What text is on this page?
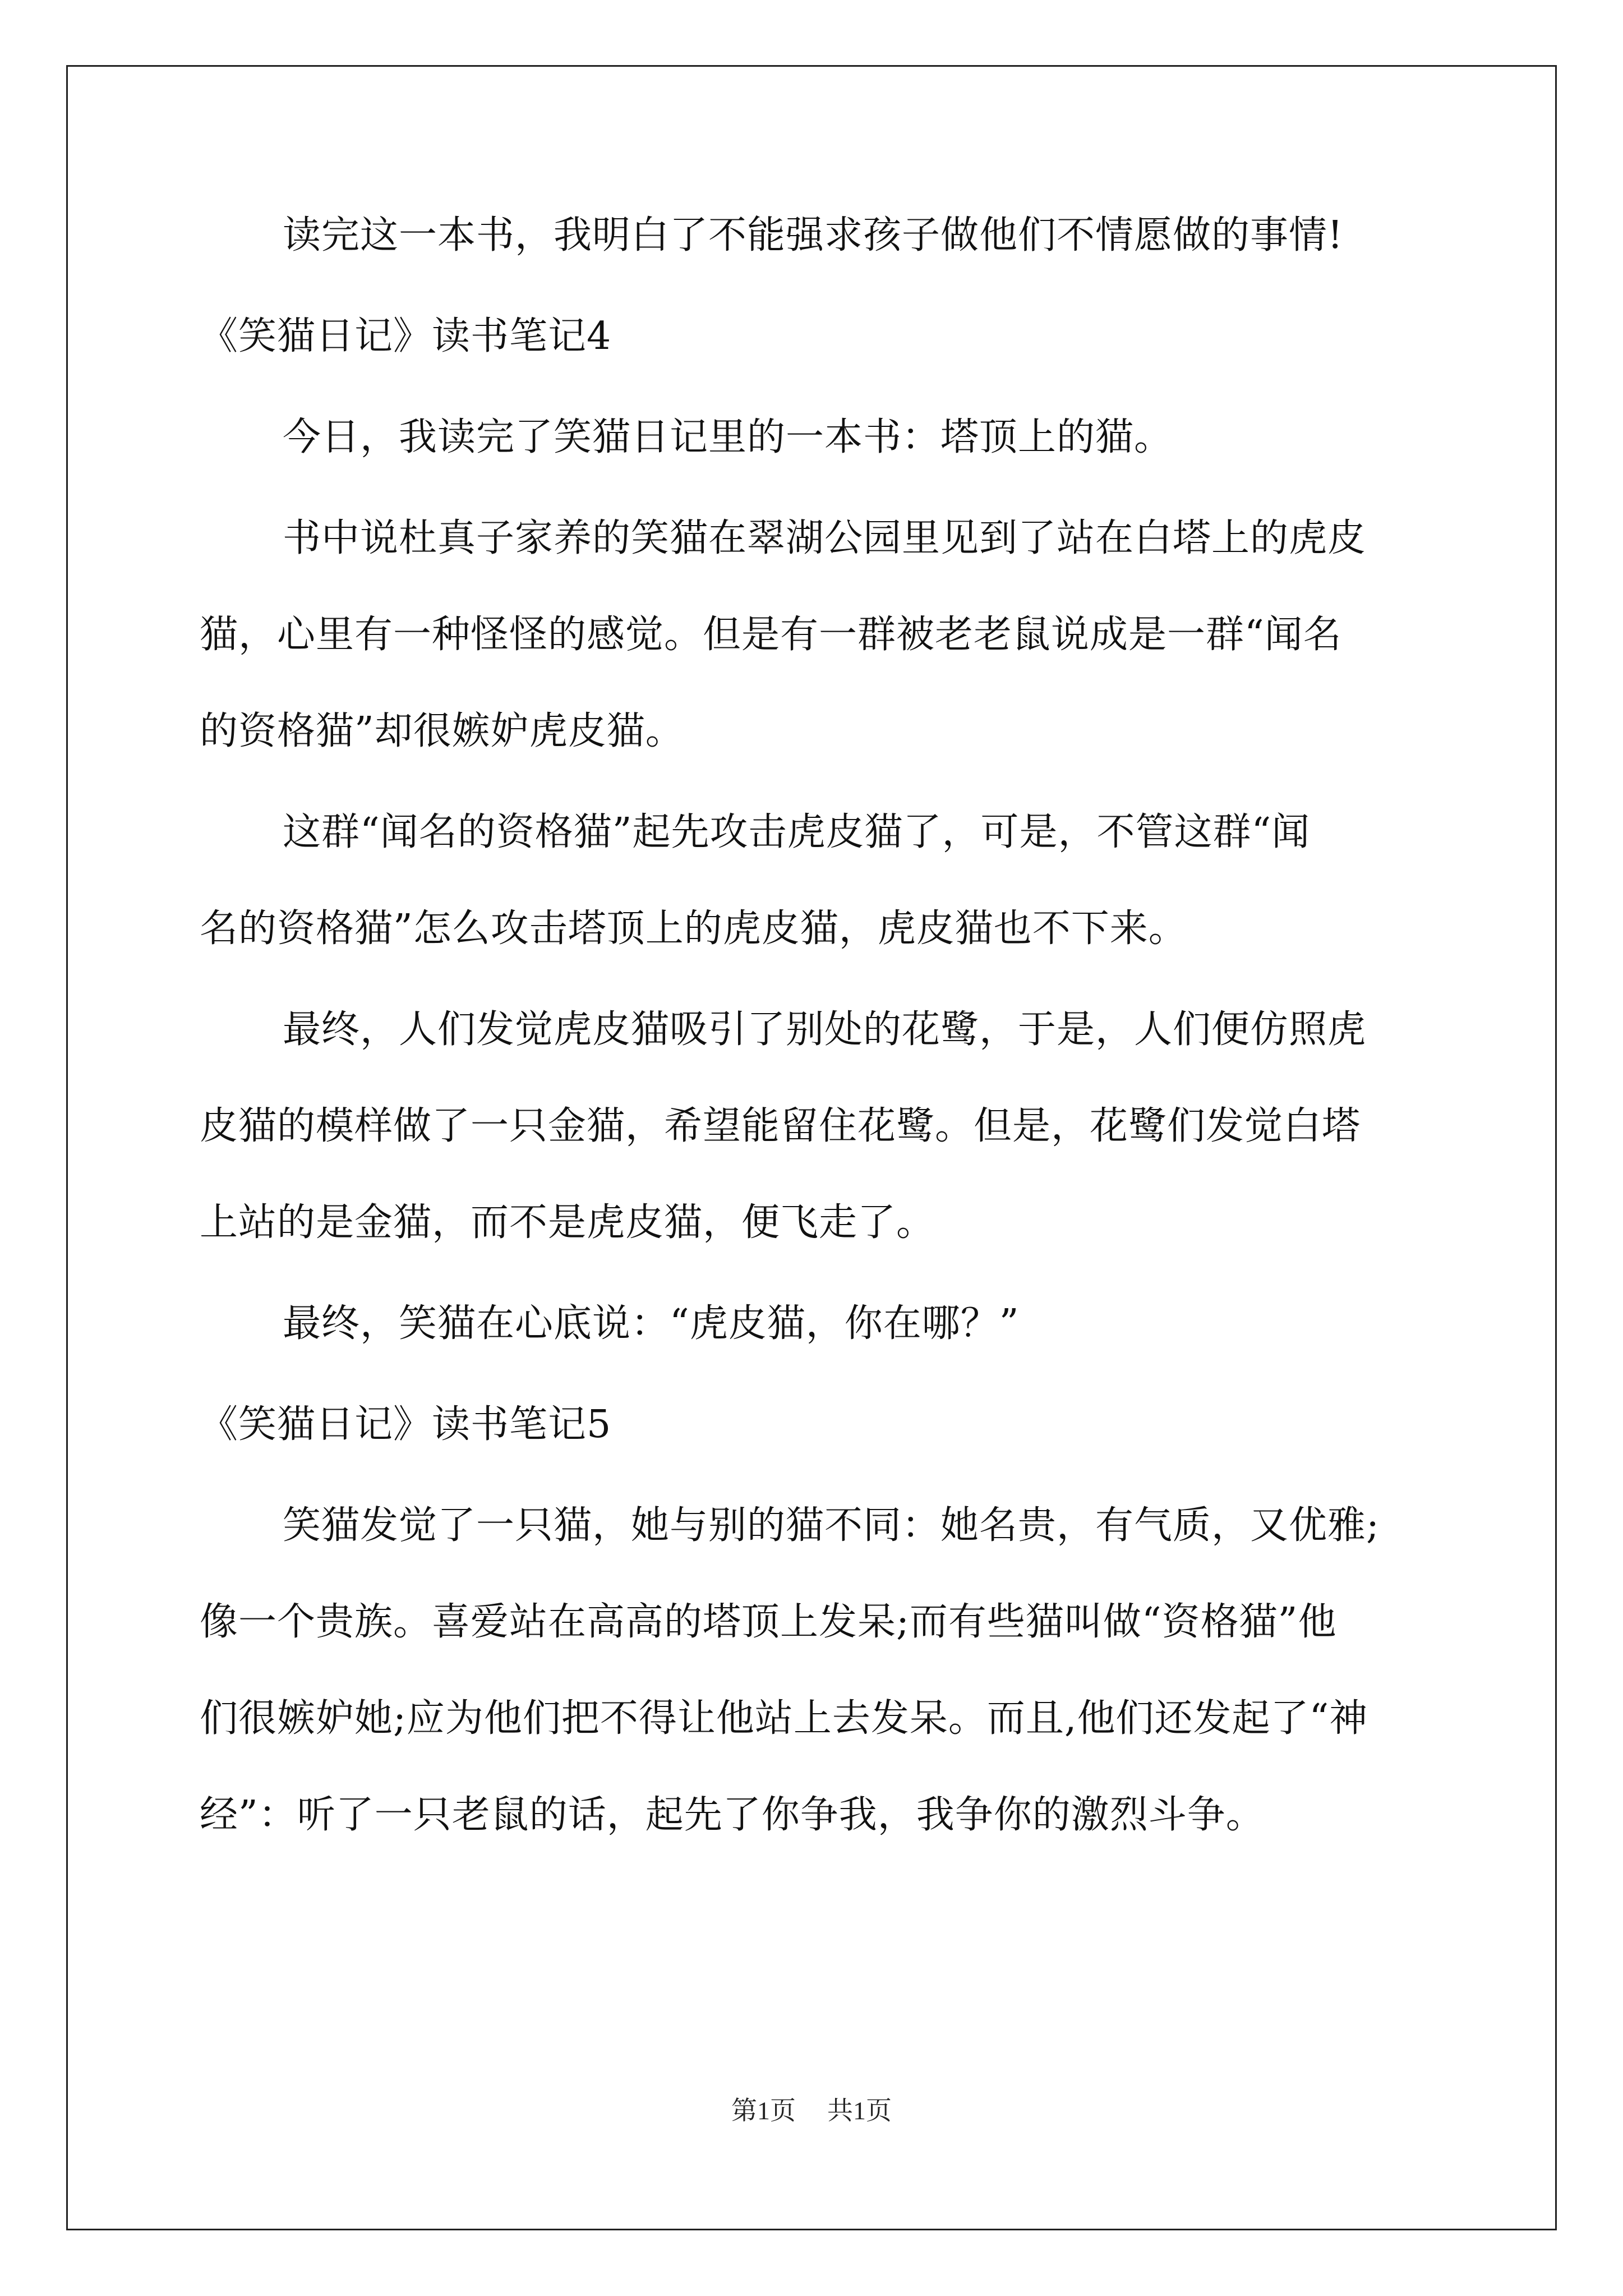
读完这一本书，我明白了不能强求孩子做他们不情愿做的事情!
《笑猫日记》读书笔记4
今日，我读完了笑猫日记里的一本书：塔顶上的猫。
书中说杜真子家养的笑猫在翠湖公园里见到了站在白塔上的虎皮
猫，心里有一种怪怪的感觉。但是有一群被老老鼠说成是一群“闻名
的资格猫”却很嫉妒虎皮猫。
这群“闻名的资格猫”起先攻击虎皮猫了，可是，不管这群“闻
名的资格猫”怎么攻击塔顶上的虎皮猫，虎皮猫也不下来。
最终，人们发觉虎皮猫吸引了别处的花鹭，于是，人们便仿照虎
皮猫的模样做了一只金猫，希望能留住花鹭。但是，花鹭们发觉白塔
上站的是金猫，而不是虎皮猫，便飞走了。
最终，笑猫在心底说：“虎皮猫，你在哪？”
《笑猫日记》读书笔记5
笑猫发觉了一只猫，她与别的猫不同：她名贵，有气质，又优雅;
像一个贵族。喜爱站在高高的塔顶上发呆;而有些猫叫做“资格猫”他
们很嫉妒她;应为他们把不得让他站上去发呆。而且,他们还发起了“神
经”：听了一只老鼠的话，起先了你争我，我争你的激烈斗争。
第1页 共1页
